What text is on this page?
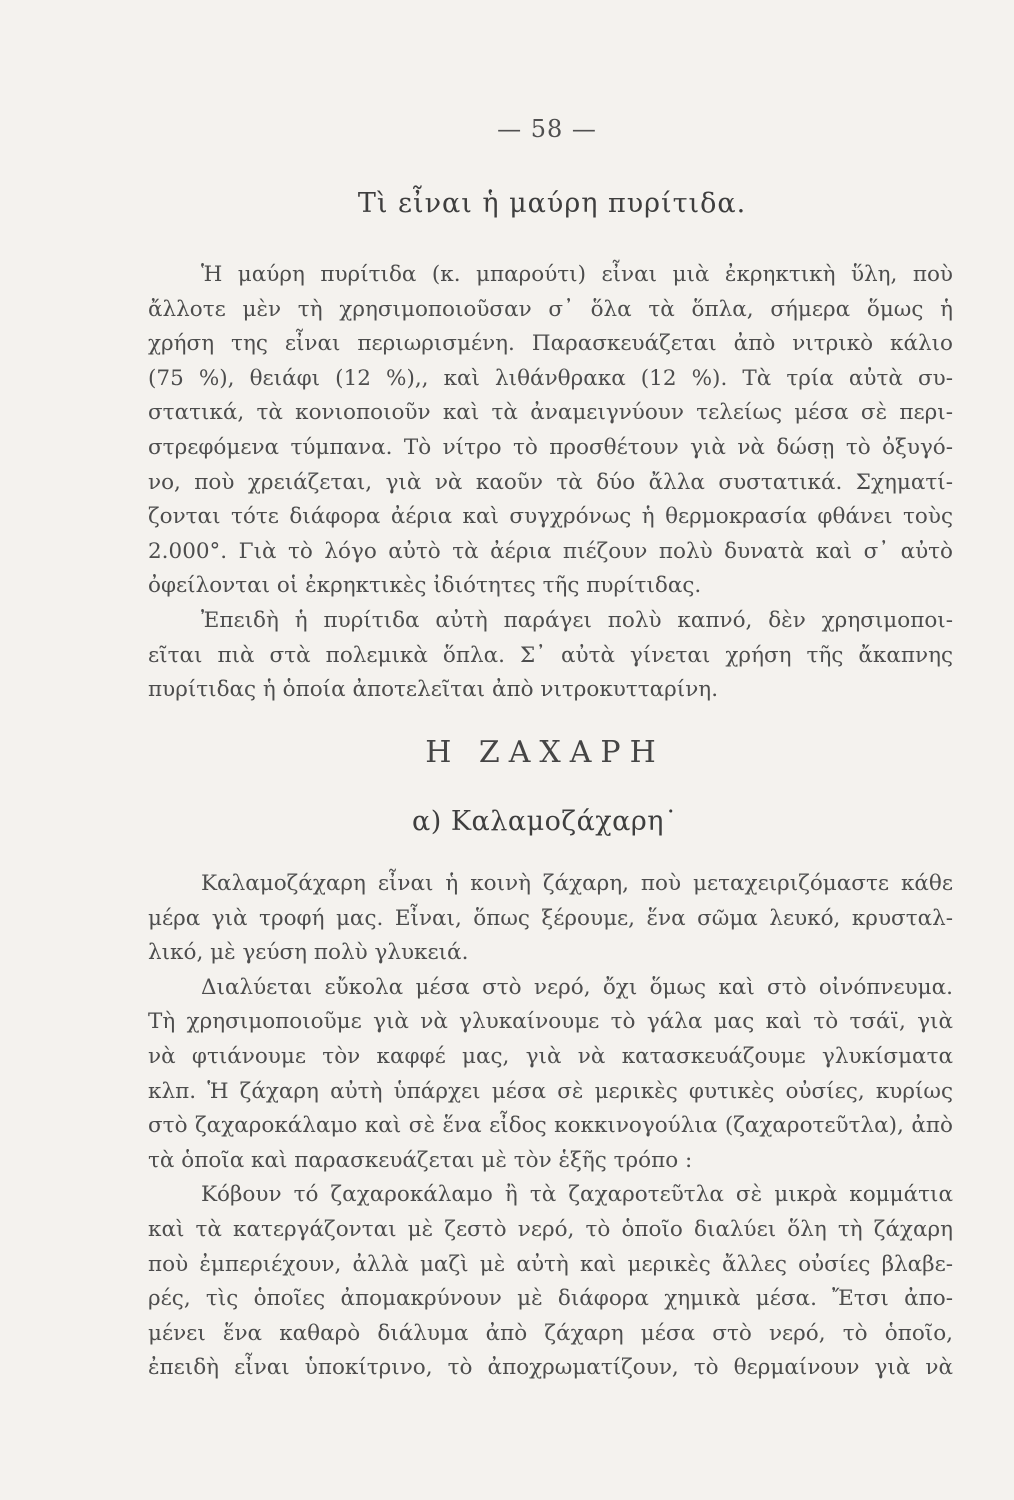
— 58 —
Τὶ εἶναι ἡ μαύρη πυρίτιδα.
Ἡ μαύρη πυρίτιδα (κ. μπαρούτι) εἶναι μιὰ ἐκρηκτικὴ ὕλη, ποὺ
ἄλλοτε μὲν τὴ χρησιμοποιοῦσαν σ᾽ ὅλα τὰ ὅπλα, σήμερα ὅμως ἡ
χρήση της εἶναι περιωρισμένη. Παρασκευάζεται ἀπὸ νιτρικὸ κάλιο
(75 %), θειάφι (12 %),, καὶ λιθάνθρακα (12 %). Τὰ τρία αὐτὰ συ-
στατικά, τὰ κονιοποιοῦν καὶ τὰ ἀναμειγνύουν τελείως μέσα σὲ περι-
στρεφόμενα τύμπανα. Τὸ νίτρο τὸ προσθέτουν γιὰ νὰ δώσῃ τὸ ὀξυγό-
νο, ποὺ χρειάζεται, γιὰ νὰ καοῦν τὰ δύο ἄλλα συστατικά. Σχηματί-
ζονται τότε διάφορα ἀέρια καὶ συγχρόνως ἡ θερμοκρασία φθάνει τοὺς
2.000°. Γιὰ τὸ λόγο αὐτὸ τὰ ἀέρια πιέζουν πολὺ δυνατὰ καὶ σ᾽ αὐτὸ
ὀφείλονται οἱ ἐκρηκτικὲς ἰδιότητες τῆς πυρίτιδας.
Ἐπειδὴ ἡ πυρίτιδα αὐτὴ παράγει πολὺ καπνό, δὲν χρησιμοποι-
εῖται πιὰ στὰ πολεμικὰ ὅπλα. Σ᾽ αὐτὰ γίνεται χρήση τῆς ἄκαπνης
πυρίτιδας ἡ ὁποία ἀποτελεῖται ἀπὸ νιτροκυτταρίνη.
Η ΖΑΧΑΡΗ
α) Καλαμοζάχαρη˙
Καλαμοζάχαρη εἶναι ἡ κοινὴ ζάχαρη, ποὺ μεταχειριζόμαστε κάθε
μέρα γιὰ τροφή μας. Εἶναι, ὅπως ξέρουμε, ἕνα σῶμα λευκό, κρυσταλ-
λικό, μὲ γεύση πολὺ γλυκειά.
Διαλύεται εὔκολα μέσα στὸ νερό, ὄχι ὅμως καὶ στὸ οἰνόπνευμα.
Τὴ χρησιμοποιοῦμε γιὰ νὰ γλυκαίνουμε τὸ γάλα μας καὶ τὸ τσάϊ, γιὰ
νὰ φτιάνουμε τὸν καφφέ μας, γιὰ νὰ κατασκευάζουμε γλυκίσματα
κλπ. Ἡ ζάχαρη αὐτὴ ὑπάρχει μέσα σὲ μερικὲς φυτικὲς οὐσίες, κυρίως
στὸ ζαχαροκάλαμο καὶ σὲ ἕνα εἶδος κοκκινογούλια (ζαχαροτεῦτλα), ἀπὸ
τὰ ὁποῖα καὶ παρασκευάζεται μὲ τὸν ἑξῆς τρόπο :
Κόβουν τό ζαχαροκάλαμο ἢ τὰ ζαχαροτεῦτλα σὲ μικρὰ κομμάτια
καὶ τὰ κατεργάζονται μὲ ζεστὸ νερό, τὸ ὁποῖο διαλύει ὅλη τὴ ζάχαρη
ποὺ ἐμπεριέχουν, ἀλλὰ μαζὶ μὲ αὐτὴ καὶ μερικὲς ἄλλες οὐσίες βλαβε-
ρές, τὶς ὁποῖες ἀπομακρύνουν μὲ διάφορα χημικὰ μέσα. Ἔτσι ἀπο-
μένει ἕνα καθαρὸ διάλυμα ἀπὸ ζάχαρη μέσα στὸ νερό, τὸ ὁποῖο,
ἐπειδὴ εἶναι ὑποκίτρινο, τὸ ἀποχρωματίζουν, τὸ θερμαίνουν γιὰ νὰ
